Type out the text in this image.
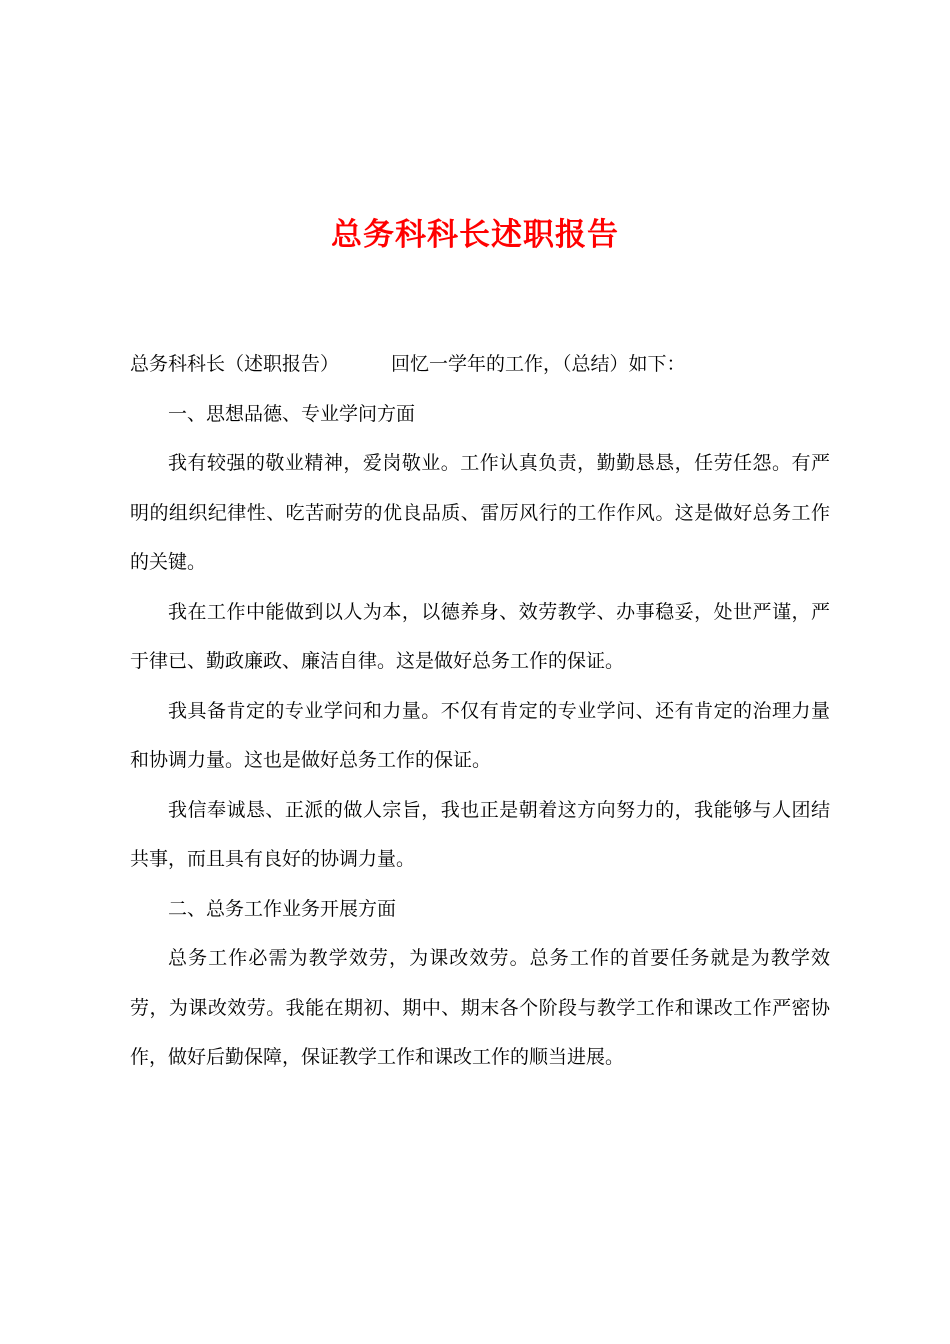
总务科科长述职报告

总务科科长（述职报告）	回忆一学年的工作，（总结）如下：

一、思想品德、专业学问方面

我有较强的敬业精神，爱岗敬业。工作认真负责，勤勤恳恳，任劳任怨。有严明的组织纪律性、吃苦耐劳的优良品质、雷厉风行的工作作风。这是做好总务工作的关键。

我在工作中能做到以人为本，以德养身、效劳教学、办事稳妥，处世严谨，严于律已、勤政廉政、廉洁自律。这是做好总务工作的保证。

我具备肯定的专业学问和力量。不仅有肯定的专业学问、还有肯定的治理力量和协调力量。这也是做好总务工作的保证。

我信奉诚恳、正派的做人宗旨，我也正是朝着这方向努力的，我能够与人团结共事，而且具有良好的协调力量。

二、总务工作业务开展方面

总务工作必需为教学效劳，为课改效劳。总务工作的首要任务就是为教学效劳，为课改效劳。我能在期初、期中、期末各个阶段与教学工作和课改工作严密协作，做好后勤保障，保证教学工作和课改工作的顺当进展。
